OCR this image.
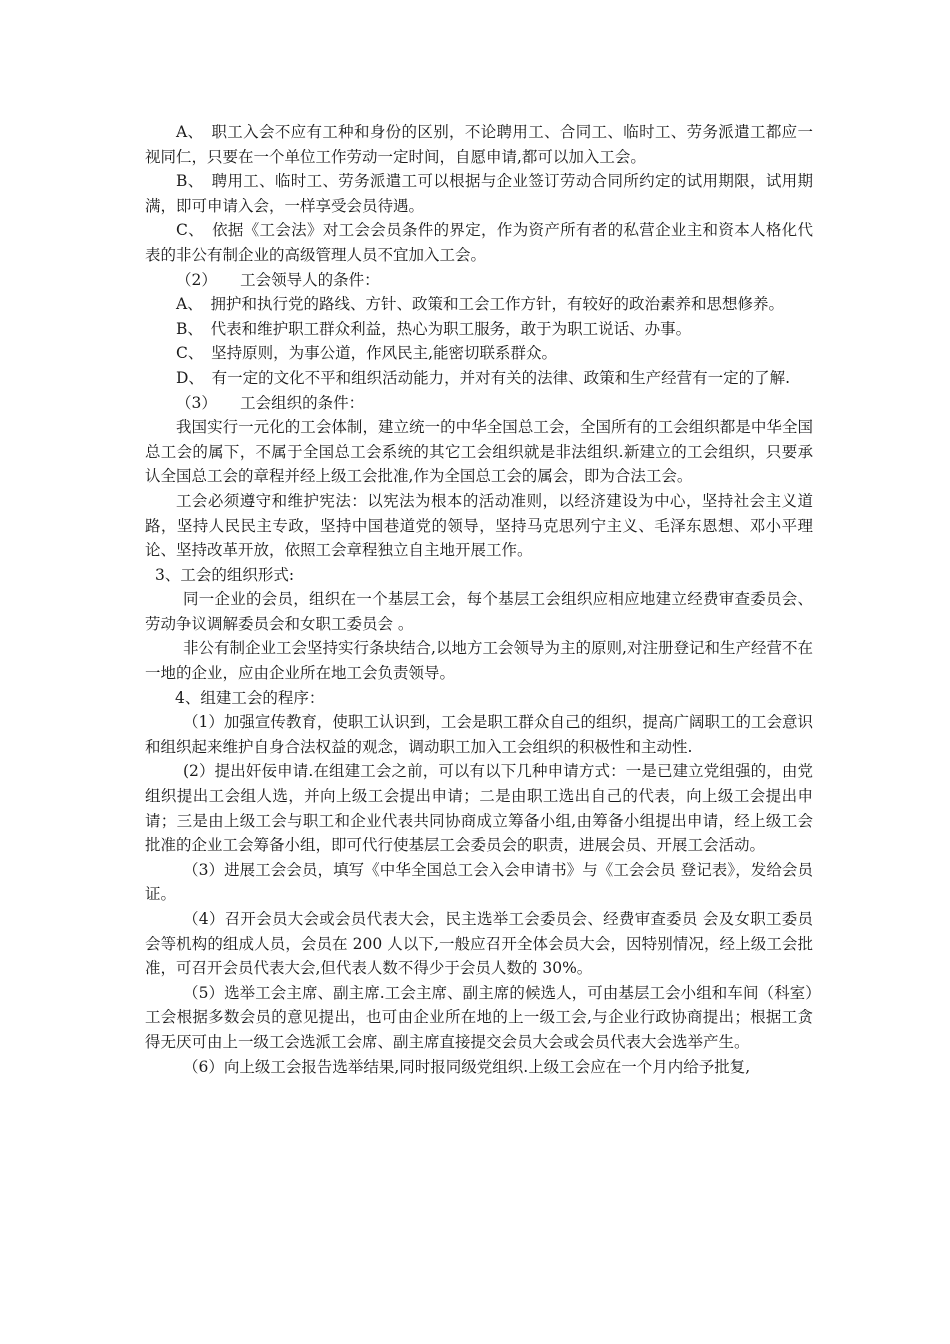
A、　职工入会不应有工种和身份的区别，不论聘用工、合同工、临时工、劳务派遣工都应一视同仁，只要在一个单位工作劳动一定时间，自愿申请,都可以加入工会。

B、　聘用工、临时工、劳务派遣工可以根据与企业签订劳动合同所约定的试用期限，试用期满，即可申请入会，一样享受会员待遇。

C、　依据《工会法》对工会会员条件的界定，作为资产所有者的私营企业主和资本人格化代表的非公有制企业的高级管理人员不宜加入工会。

（2）　　工会领导人的条件：

A、　拥护和执行党的路线、方针、政策和工会工作方针，有较好的政治素养和思想修养。

B、　代表和维护职工群众利益，热心为职工服务，敢于为职工说话、办事。

C、　坚持原则，为事公道，作风民主,能密切联系群众。

D、　有一定的文化不平和组织活动能力，并对有关的法律、政策和生产经营有一定的了解.

（3）　　工会组织的条件：

我国实行一元化的工会体制，建立统一的中华全国总工会，全国所有的工会组织都是中华全国总工会的属下，不属于全国总工会系统的其它工会组织就是非法组织.新建立的工会组织，只要承认全国总工会的章程并经上级工会批准,作为全国总工会的属会，即为合法工会。

工会必须遵守和维护宪法：以宪法为根本的活动准则，以经济建设为中心，坚持社会主义道路，坚持人民民主专政，坚持中国巷道党的领导，坚持马克思列宁主义、毛泽东恩想、邓小平理论、坚持改革开放，依照工会章程独立自主地开展工作。

3、工会的组织形式:

同一企业的会员，组织在一个基层工会，每个基层工会组织应相应地建立经费审查委员会、劳动争议调解委员会和女职工委员会 。

非公有制企业工会坚持实行条块结合,以地方工会领导为主的原则,对注册登记和生产经营不在一地的企业，应由企业所在地工会负责领导。

4、组建工会的程序：

（1）加强宣传教育，使职工认识到，工会是职工群众自己的组织，提高广阔职工的工会意识和组织起来维护自身合法权益的观念，调动职工加入工会组织的积极性和主动性.

(2）提出奸佞申请.在组建工会之前，可以有以下几种申请方式：一是已建立党组强的，由党组织提出工会组人选，并向上级工会提出申请；二是由职工选出自己的代表，向上级工会提出申请；三是由上级工会与职工和企业代表共同协商成立筹备小组,由筹备小组提出申请，经上级工会批准的企业工会筹备小组，即可代行使基层工会委员会的职责，进展会员、开展工会活动。

（3）进展工会会员，填写《中华全国总工会入会申请书》与《工会会员 登记表》，发给会员证。

（4）召开会员大会或会员代表大会，民主选举工会委员会、经费审查委员 会及女职工委员 会等机构的组成人员，会员在 200 人以下,一般应召开全体会员大会，因特别情况，经上级工会批准，可召开会员代表大会,但代表人数不得少于会员人数的 30%。

（5）选举工会主席、副主席.工会主席、副主席的候选人，可由基层工会小组和车间（科室）工会根据多数会员的意见提出，也可由企业所在地的上一级工会,与企业行政协商提出；根据工贪得无厌可由上一级工会选派工会席、副主席直接提交会员大会或会员代表大会选举产生。

（6）向上级工会报告选举结果,同时报同级党组织.上级工会应在一个月内给予批复,
